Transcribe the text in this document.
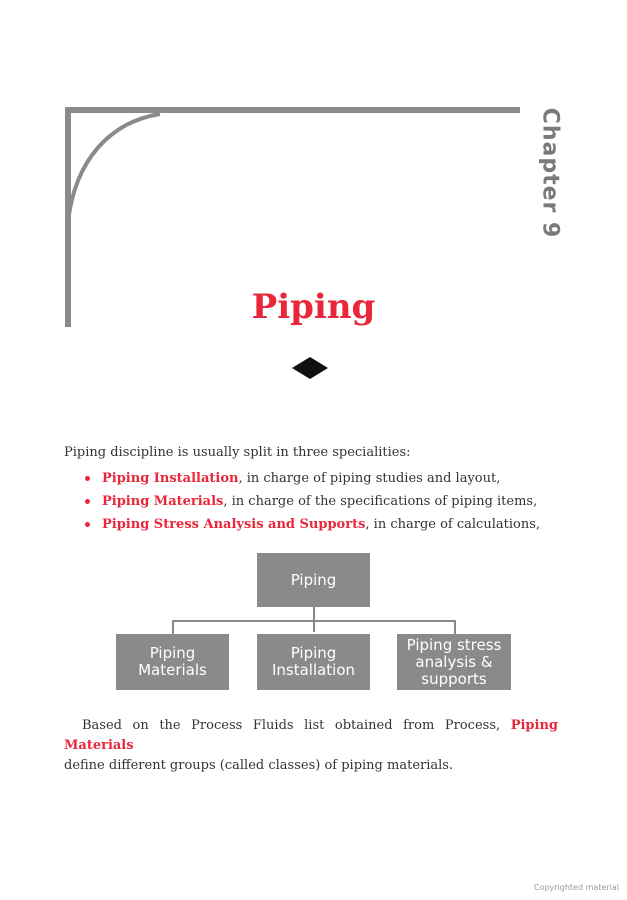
Chapter 9
Piping
Piping discipline is usually split in three specialities:
Piping Installation, in charge of piping studies and layout,
Piping Materials, in charge of the specifications of piping items,
Piping Stress Analysis and Supports, in charge of calculations,
Piping
Piping
Materials
Piping
Installation
Piping stress
analysis &
supports
Based on the Process Fluids list obtained from Process, Piping Materials
define different groups (called classes) of piping materials.
Copyrighted material
